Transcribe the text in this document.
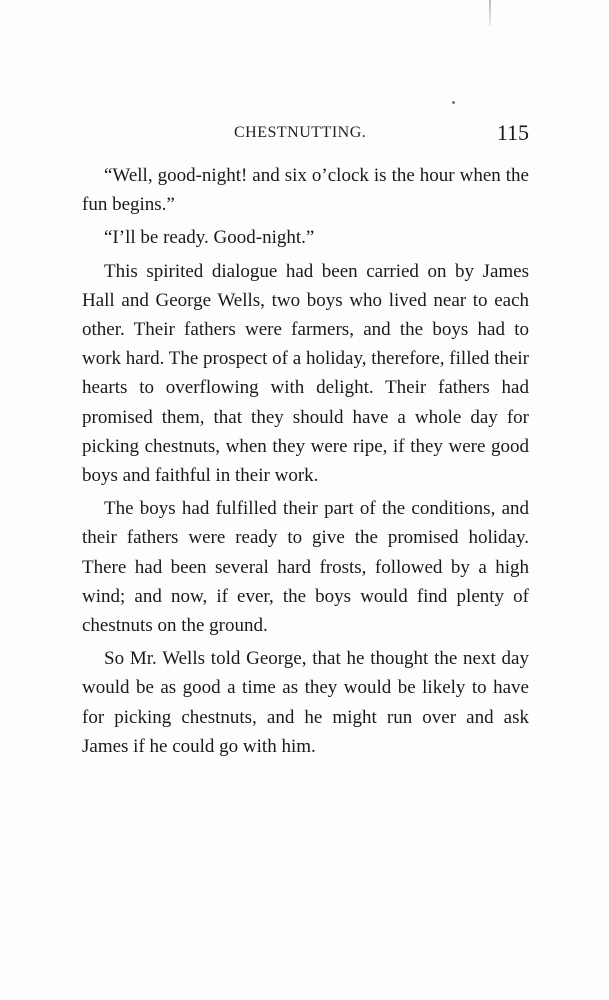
CHESTNUTTING.	115

“Well, good-night! and six o’clock is the hour when the fun begins.”

“I’ll be ready. Good-night.”

This spirited dialogue had been carried on by James Hall and George Wells, two boys who lived near to each other. Their fathers were farmers, and the boys had to work hard. The prospect of a holiday, therefore, filled their hearts to overflowing with delight. Their fathers had promised them, that they should have a whole day for picking chestnuts, when they were ripe, if they were good boys and faithful in their work.

The boys had fulfilled their part of the conditions, and their fathers were ready to give the promised holiday. There had been several hard frosts, followed by a high wind; and now, if ever, the boys would find plenty of chestnuts on the ground.

So Mr. Wells told George, that he thought the next day would be as good a time as they would be likely to have for picking chestnuts, and he might run over and ask James if he could go with him.
